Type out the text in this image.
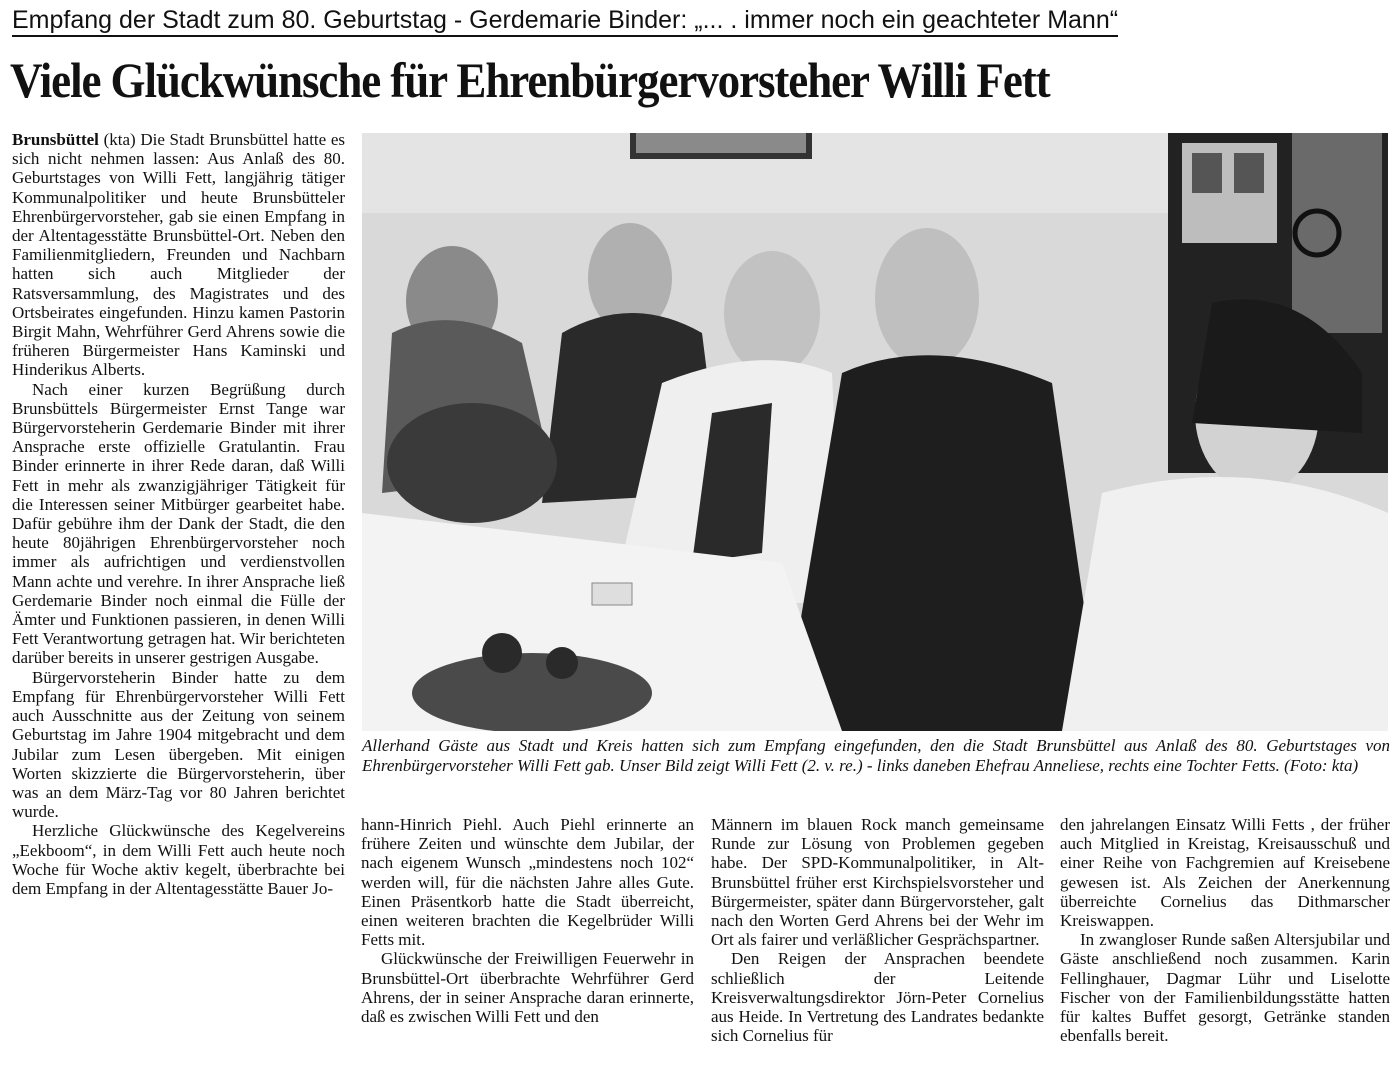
Empfang der Stadt zum 80. Geburtstag - Gerdemarie Binder: „... . immer noch ein geachteter Mann“
Viele Glückwünsche für Ehrenbürgervorsteher Willi Fett

Brunsbüttel (kta) Die Stadt Brunsbüttel hatte es sich nicht nehmen lassen: Aus Anlaß des 80. Geburtstages von Willi Fett, langjährig tätiger Kommunalpolitiker und heute Brunsbütteler Ehrenbürgervorsteher, gab sie einen Empfang in der Altentagesstätte Brunsbüttel-Ort. Neben den Familienmitgliedern, Freunden und Nachbarn hatten sich auch Mitglieder der Ratsversammlung, des Magistrates und des Ortsbeirates eingefunden. Hinzu kamen Pastorin Birgit Mahn, Wehrführer Gerd Ahrens sowie die früheren Bürgermeister Hans Kaminski und Hinderikus Alberts.

Nach einer kurzen Begrüßung durch Brunsbüttels Bürgermeister Ernst Tange war Bürgervorsteherin Gerdemarie Binder mit ihrer Ansprache erste offizielle Gratulantin. Frau Binder erinnerte in ihrer Rede daran, daß Willi Fett in mehr als zwanzigjähriger Tätigkeit für die Interessen seiner Mitbürger gearbeitet habe. Dafür gebühre ihm der Dank der Stadt, die den heute 80jährigen Ehrenbürgervorsteher noch immer als aufrichtigen und verdienstvollen Mann achte und verehre. In ihrer Ansprache ließ Gerdemarie Binder noch einmal die Fülle der Ämter und Funktionen passieren, in denen Willi Fett Verantwortung getragen hat. Wir berichteten darüber bereits in unserer gestrigen Ausgabe.

Bürgervorsteherin Binder hatte zu dem Empfang für Ehrenbürgervorsteher Willi Fett auch Ausschnitte aus der Zeitung von seinem Geburtstag im Jahre 1904 mitgebracht und dem Jubilar zum Lesen übergeben. Mit einigen Worten skizzierte die Bürgervorsteherin, über was an dem März-Tag vor 80 Jahren berichtet wurde.

Herzliche Glückwünsche des Kegelvereins „Eekboom“, in dem Willi Fett auch heute noch Woche für Woche aktiv kegelt, überbrachte bei dem Empfang in der Altentagesstätte Bauer Jo-

Allerhand Gäste aus Stadt und Kreis hatten sich zum Empfang eingefunden, den die Stadt Brunsbüttel aus Anlaß des 80. Geburtstages von Ehrenbürgervorsteher Willi Fett gab. Unser Bild zeigt Willi Fett (2. v. re.) - links daneben Ehefrau Anneliese, rechts eine Tochter Fetts. (Foto: kta)

hann-Hinrich Piehl. Auch Piehl erinnerte an frühere Zeiten und wünschte dem Jubilar, der nach eigenem Wunsch „mindestens noch 102“ werden will, für die nächsten Jahre alles Gute. Einen Präsentkorb hatte die Stadt überreicht, einen weiteren brachten die Kegelbrüder Willi Fetts mit.

Glückwünsche der Freiwilligen Feuerwehr in Brunsbüttel-Ort überbrachte Wehrführer Gerd Ahrens, der in seiner Ansprache daran erinnerte, daß es zwischen Willi Fett und den

Männern im blauen Rock manch gemeinsame Runde zur Lösung von Problemen gegeben habe. Der SPD-Kommunalpolitiker, in Alt-Brunsbüttel früher erst Kirchspielsvorsteher und Bürgermeister, später dann Bürgervorsteher, galt nach den Worten Gerd Ahrens bei der Wehr im Ort als fairer und verläßlicher Gesprächspartner.

Den Reigen der Ansprachen beendete schließlich der Leitende Kreisverwaltungsdirektor Jörn-Peter Cornelius aus Heide. In Vertretung des Landrates bedankte sich Cornelius für

den jahrelangen Einsatz Willi Fetts , der früher auch Mitglied in Kreistag, Kreisausschuß und einer Reihe von Fachgremien auf Kreisebene gewesen ist. Als Zeichen der Anerkennung überreichte Cornelius das Dithmarscher Kreiswappen.

In zwangloser Runde saßen Altersjubilar und Gäste anschließend noch zusammen. Karin Fellinghauer, Dagmar Lühr und Liselotte Fischer von der Familienbildungsstätte hatten für kaltes Buffet gesorgt, Getränke standen ebenfalls bereit.
